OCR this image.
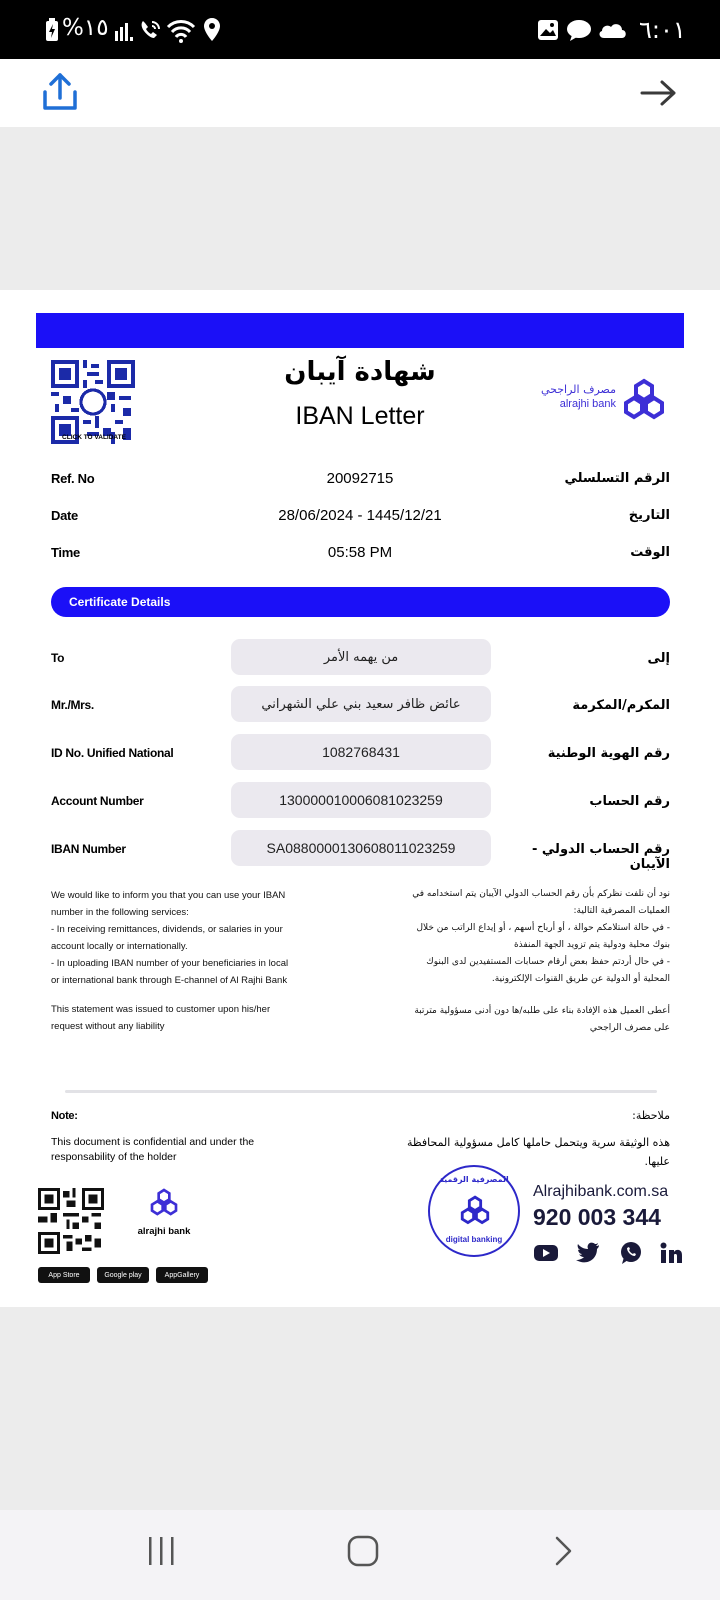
٦:٠١
%١٥
CLICK TO VALIDATE
شهادة آيبان
IBAN Letter
مصرف الراجحي
alrajhi bank
Ref. No	20092715	الرقم التسلسلي
Date	28/06/2024 - 1445/12/21	التاريخ
Time	05:58 PM	الوقت
Certificate Details
To	من يهمه الأمر	إلى
Mr./Mrs.	عائض ظافر سعيد بني علي الشهراني	المكرم/المكرمة
ID No. Unified National	1082768431	رقم الهوية الوطنية
Account Number	130000010006081023259	رقم الحساب
IBAN Number	SA0880000130608011023259	رقم الحساب الدولي - الآيبان
We would like to inform you that you can use your IBAN
number in the following services:
- In receiving remittances, dividends, or salaries in your
account locally or internationally.
- In uploading IBAN number of your beneficiaries in local
or international bank through E-channel of Al Rajhi Bank
This statement was issued to customer upon his/her
request without any liability
نود أن نلفت نظركم بأن رقم الحساب الدولي الآيبان يتم استخدامه في
العمليات المصرفية التالية:
- في حالة استلامكم حوالة ، أو أرباح أسهم ، أو إيداع الراتب من خلال
بنوك محلية ودولية يتم تزويد الجهة المنفذة
- في حال أردتم حفظ بعض أرقام حسابات المستفيدين لدى البنوك
المحلية أو الدولية عن طريق القنوات الإلكترونية.
أعطى العميل هذه الإفادة بناء على طلبه/ها دون أدنى مسؤولية مترتبة
على مصرف الراجحي
Note:	ملاحظة:
This document is confidential and under the
responsability of the holder
هذه الوثيقة سرية ويتحمل حاملها كامل مسؤولية المحافظة
عليها.
alrajhi bank
App Store	Google play	AppGallery
المصرفية الرقمية
digital banking
Alrajhibank.com.sa
920 003 344
